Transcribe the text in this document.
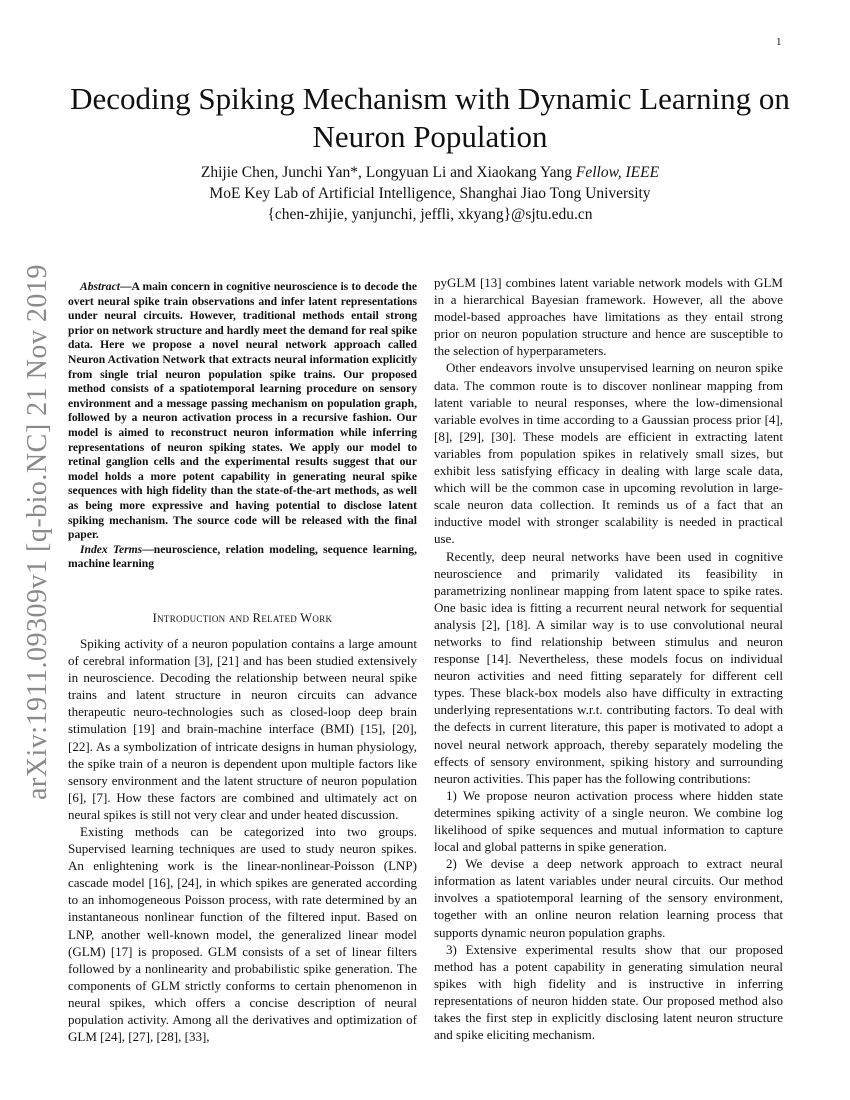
1
arXiv:1911.09309v1 [q-bio.NC] 21 Nov 2019
Decoding Spiking Mechanism with Dynamic Learning on Neuron Population
Zhijie Chen, Junchi Yan*, Longyuan Li and Xiaokang Yang Fellow, IEEE
MoE Key Lab of Artificial Intelligence, Shanghai Jiao Tong University
{chen-zhijie, yanjunchi, jeffli, xkyang}@sjtu.edu.cn

Abstract—A main concern in cognitive neuroscience is to decode the overt neural spike train observations and infer latent representations under neural circuits. However, traditional methods entail strong prior on network structure and hardly meet the demand for real spike data. Here we propose a novel neural network approach called Neuron Activation Network that extracts neural information explicitly from single trial neuron population spike trains. Our proposed method consists of a spatiotemporal learning procedure on sensory environment and a message passing mechanism on population graph, followed by a neuron activation process in a recursive fashion. Our model is aimed to reconstruct neuron information while inferring representations of neuron spiking states. We apply our model to retinal ganglion cells and the experimental results suggest that our model holds a more potent capability in generating neural spike sequences with high fidelity than the state-of-the-art methods, as well as being more expressive and having potential to disclose latent spiking mechanism. The source code will be released with the final paper.

Index Terms—neuroscience, relation modeling, sequence learning, machine learning

Introduction and Related Work

Spiking activity of a neuron population contains a large amount of cerebral information [3], [21] and has been studied extensively in neuroscience. Decoding the relationship between neural spike trains and latent structure in neuron circuits can advance therapeutic neuro-technologies such as closed-loop deep brain stimulation [19] and brain-machine interface (BMI) [15], [20], [22]. As a symbolization of intricate designs in human physiology, the spike train of a neuron is dependent upon multiple factors like sensory environment and the latent structure of neuron population [6], [7]. How these factors are combined and ultimately act on neural spikes is still not very clear and under heated discussion.

Existing methods can be categorized into two groups. Supervised learning techniques are used to study neuron spikes. An enlightening work is the linear-nonlinear-Poisson (LNP) cascade model [16], [24], in which spikes are generated according to an inhomogeneous Poisson process, with rate determined by an instantaneous nonlinear function of the filtered input. Based on LNP, another well-known model, the generalized linear model (GLM) [17] is proposed. GLM consists of a set of linear filters followed by a nonlinearity and probabilistic spike generation. The components of GLM strictly conforms to certain phenomenon in neural spikes, which offers a concise description of neural population activity. Among all the derivatives and optimization of GLM [24], [27], [28], [33],

pyGLM [13] combines latent variable network models with GLM in a hierarchical Bayesian framework. However, all the above model-based approaches have limitations as they entail strong prior on neuron population structure and hence are susceptible to the selection of hyperparameters.

Other endeavors involve unsupervised learning on neuron spike data. The common route is to discover nonlinear mapping from latent variable to neural responses, where the low-dimensional variable evolves in time according to a Gaussian process prior [4], [8], [29], [30]. These models are efficient in extracting latent variables from population spikes in relatively small sizes, but exhibit less satisfying efficacy in dealing with large scale data, which will be the common case in upcoming revolution in large-scale neuron data collection. It reminds us of a fact that an inductive model with stronger scalability is needed in practical use.

Recently, deep neural networks have been used in cognitive neuroscience and primarily validated its feasibility in parametrizing nonlinear mapping from latent space to spike rates. One basic idea is fitting a recurrent neural network for sequential analysis [2], [18]. A similar way is to use convolutional neural networks to find relationship between stimulus and neuron response [14]. Nevertheless, these models focus on individual neuron activities and need fitting separately for different cell types. These black-box models also have difficulty in extracting underlying representations w.r.t. contributing factors. To deal with the defects in current literature, this paper is motivated to adopt a novel neural network approach, thereby separately modeling the effects of sensory environment, spiking history and surrounding neuron activities. This paper has the following contributions:

1) We propose neuron activation process where hidden state determines spiking activity of a single neuron. We combine log likelihood of spike sequences and mutual information to capture local and global patterns in spike generation.

2) We devise a deep network approach to extract neural information as latent variables under neural circuits. Our method involves a spatiotemporal learning of the sensory environment, together with an online neuron relation learning process that supports dynamic neuron population graphs.

3) Extensive experimental results show that our proposed method has a potent capability in generating simulation neural spikes with high fidelity and is instructive in inferring representations of neuron hidden state. Our proposed method also takes the first step in explicitly disclosing latent neuron structure and spike eliciting mechanism.
